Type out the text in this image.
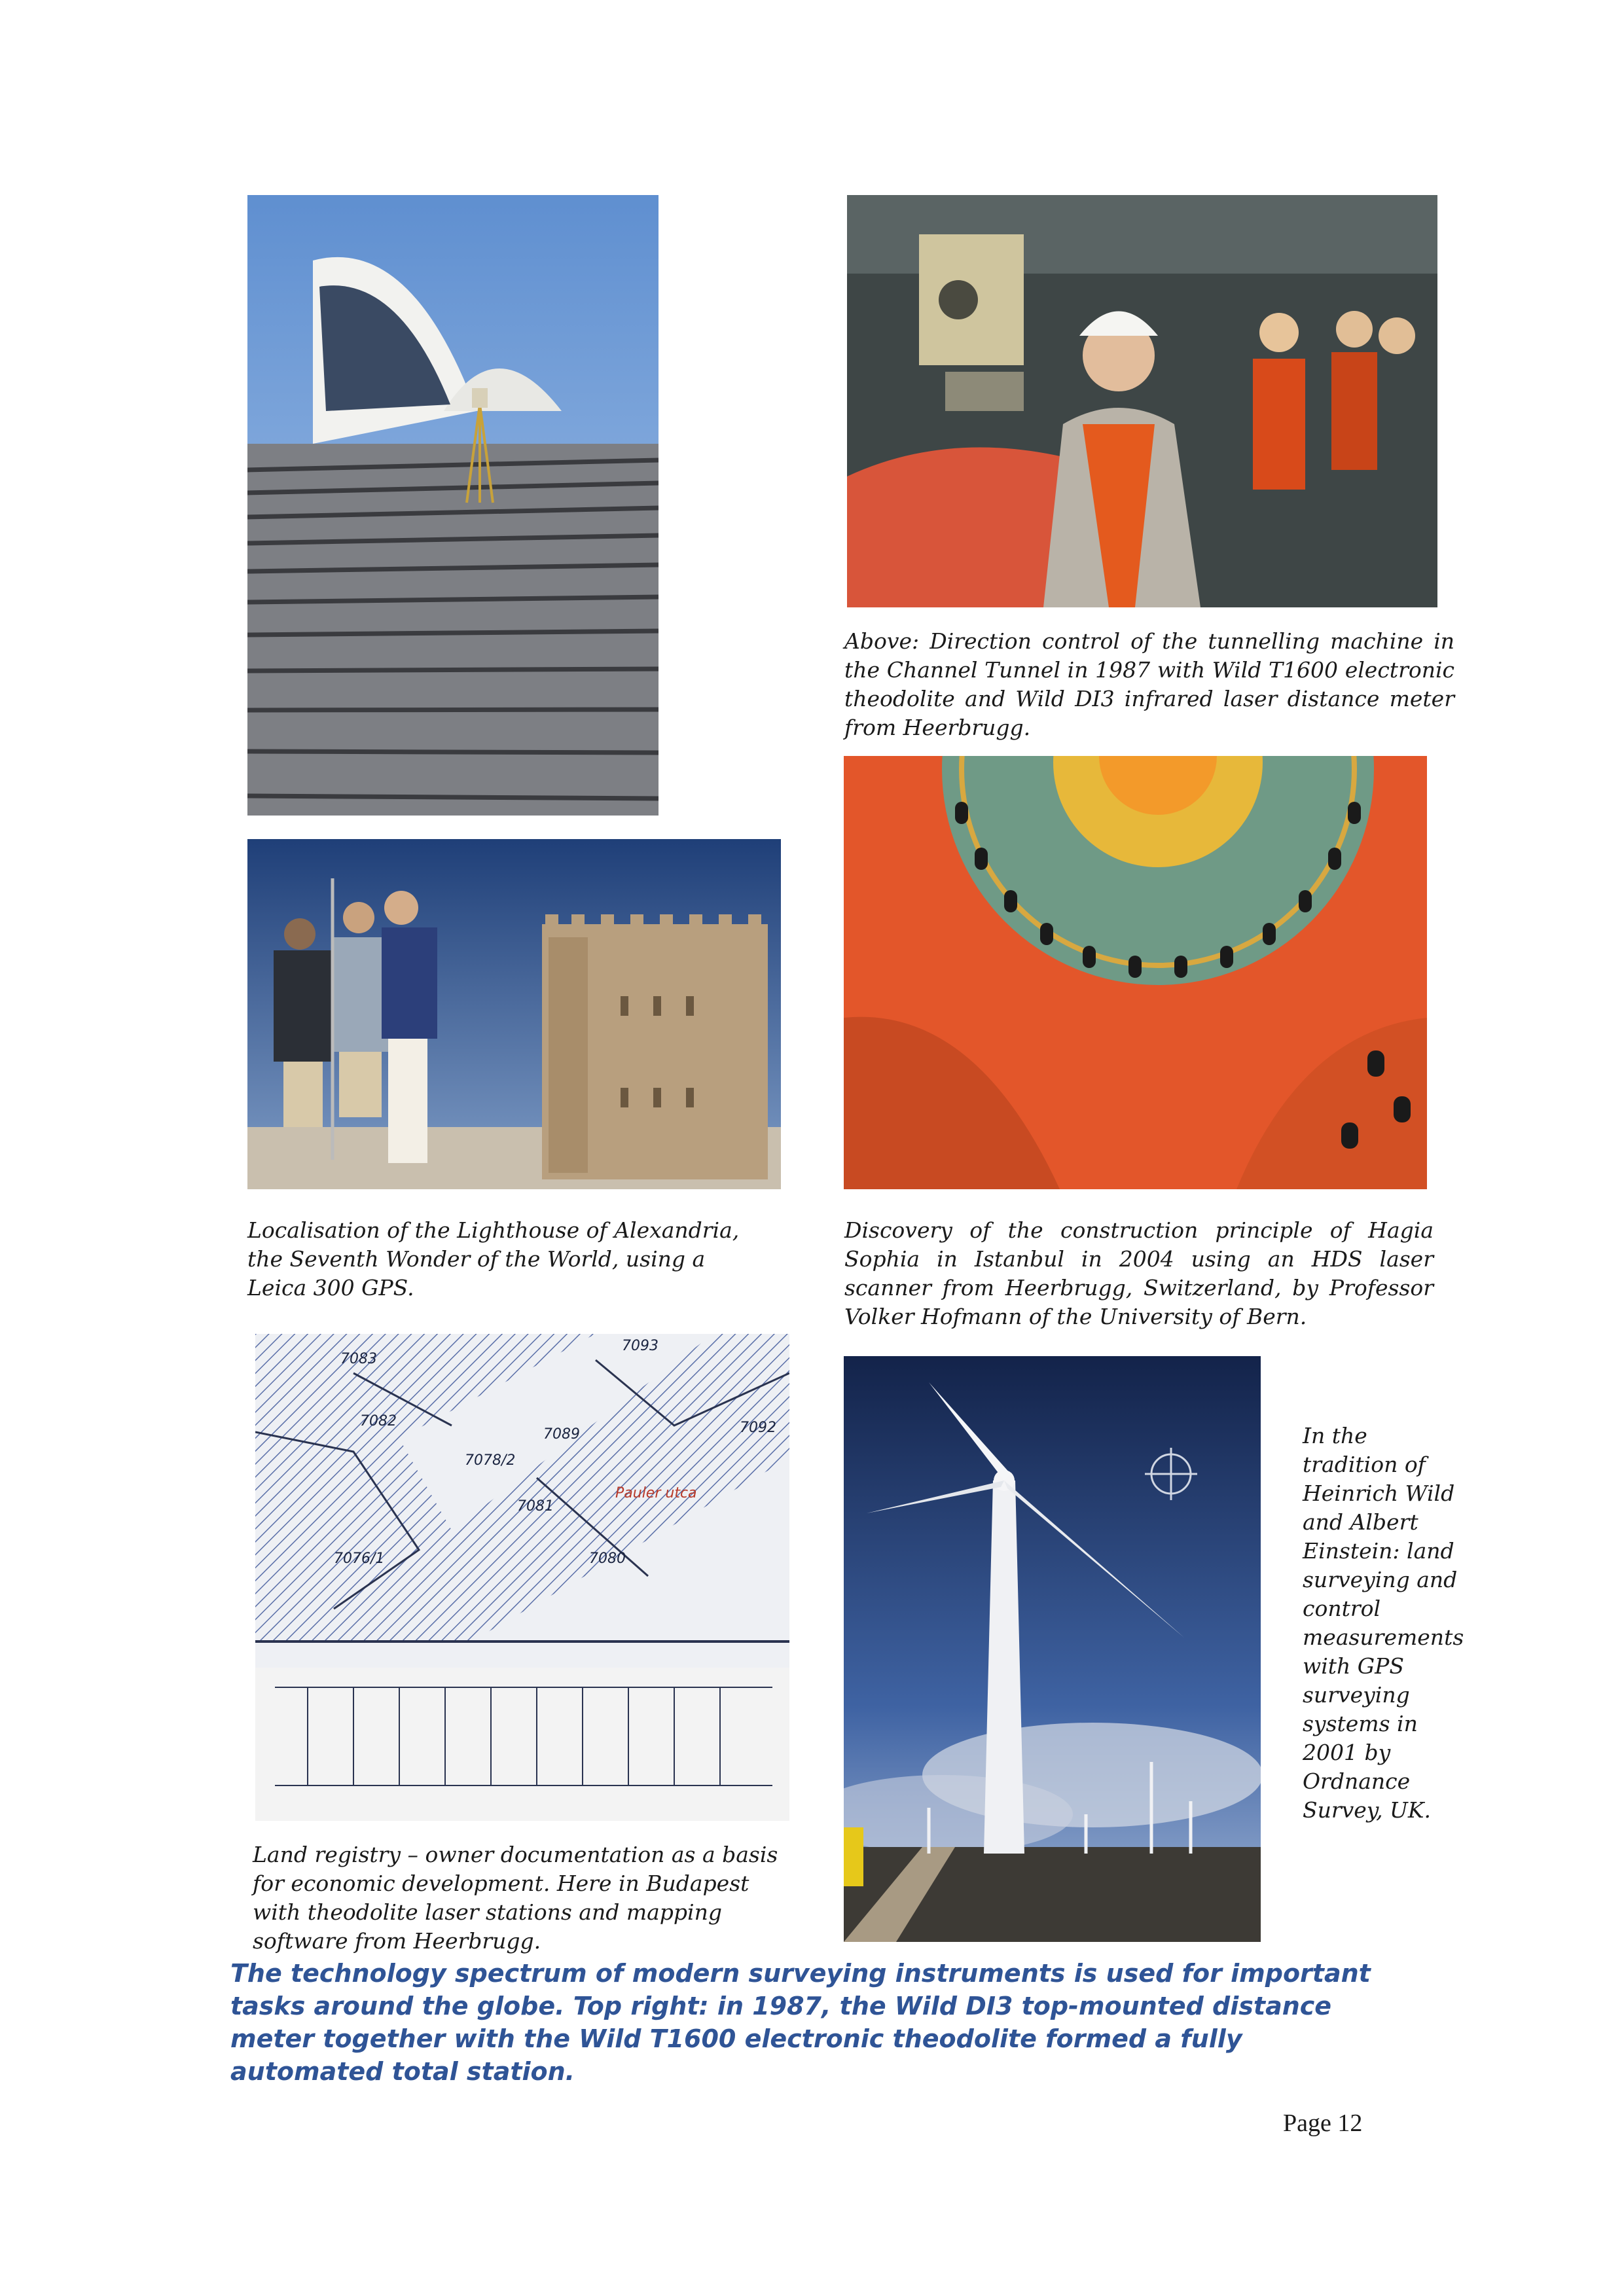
Above: Direction control of the tunnelling machine in the Channel Tunnel in 1987 with Wild T1600 electronic theodolite and Wild DI3 infrared laser distance meter from Heerbrugg.

Localisation of the Lighthouse of Alexandria, the Seventh Wonder of the World, using a Leica 300 GPS.

Discovery of the construction principle of Hagia Sophia in Istanbul in 2004 using an HDS laser scanner from Heerbrugg, Switzerland, by Professor Volker Hofmann of the University of Bern.

7083
7093
7082
7089	7092
7078/2
Pauler utca
7081
7076/1	7080

Land registry – owner documentation as a basis for economic development. Here in Budapest with theodolite laser stations and mapping software from Heerbrugg.

In the tradition of Heinrich Wild and Albert Einstein: land surveying and control measurements with GPS surveying systems in 2001 by Ordnance Survey, UK.

The technology spectrum of modern surveying instruments is used for important tasks around the globe. Top right: in 1987, the Wild DI3 top-mounted distance meter together with the Wild T1600 electronic theodolite formed a fully automated total station.

Page 12
